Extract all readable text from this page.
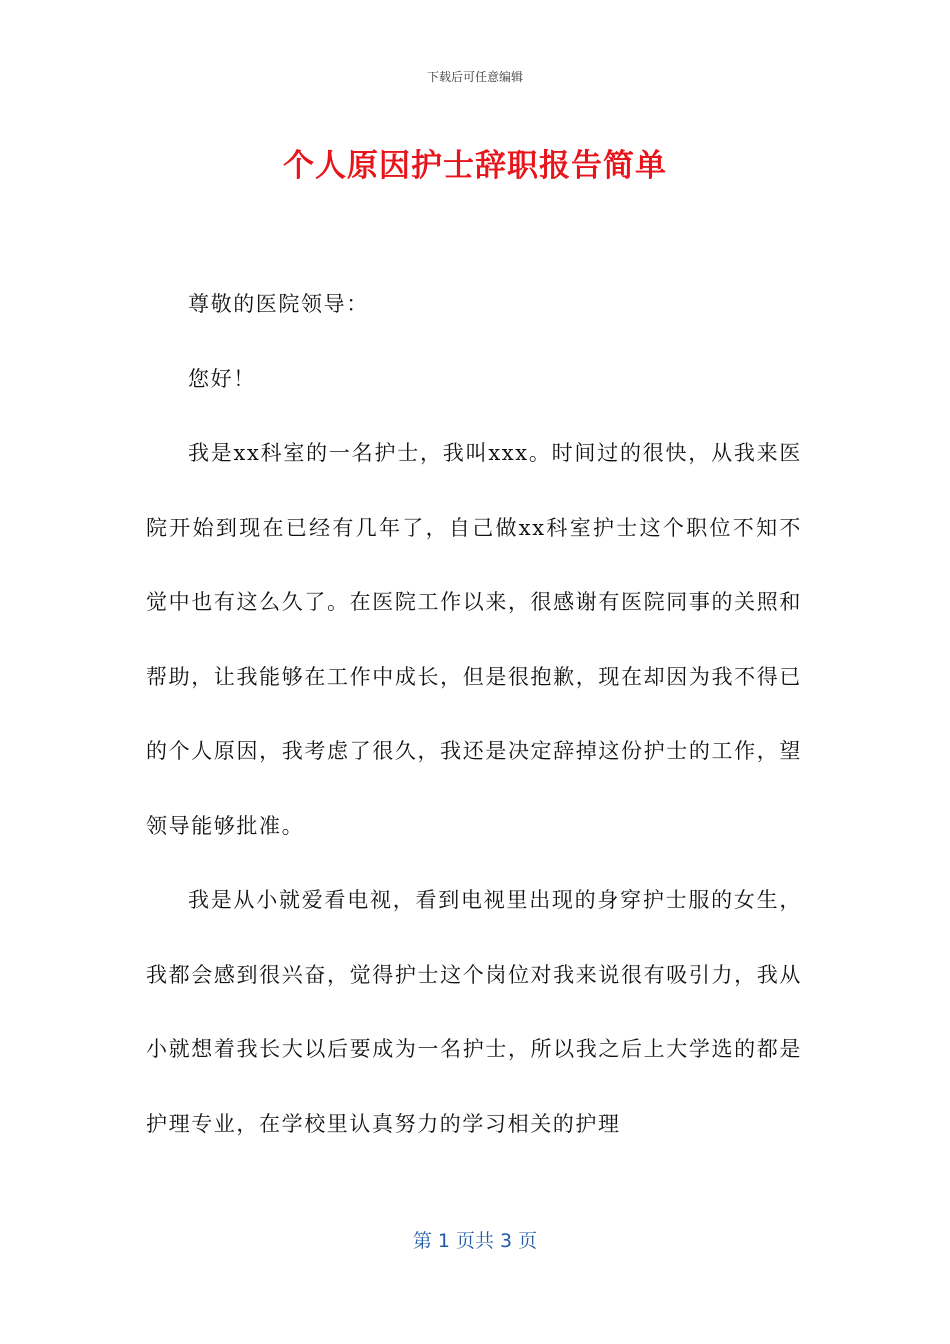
下载后可任意编辑
个人原因护士辞职报告简单

尊敬的医院领导：

您好！

我是xx科室的一名护士，我叫xxx。时间过的很快，从我来医院开始到现在已经有几年了，自己做xx科室护士这个职位不知不觉中也有这么久了。在医院工作以来，很感谢有医院同事的关照和帮助，让我能够在工作中成长，但是很抱歉，现在却因为我不得已的个人原因，我考虑了很久，我还是决定辞掉这份护士的工作，望领导能够批准。

我是从小就爱看电视，看到电视里出现的身穿护士服的女生，我都会感到很兴奋，觉得护士这个岗位对我来说很有吸引力，我从小就想着我长大以后要成为一名护士，所以我之后上大学选的都是护理专业，在学校里认真努力的学习相关的护理

第 1 页共 3 页
